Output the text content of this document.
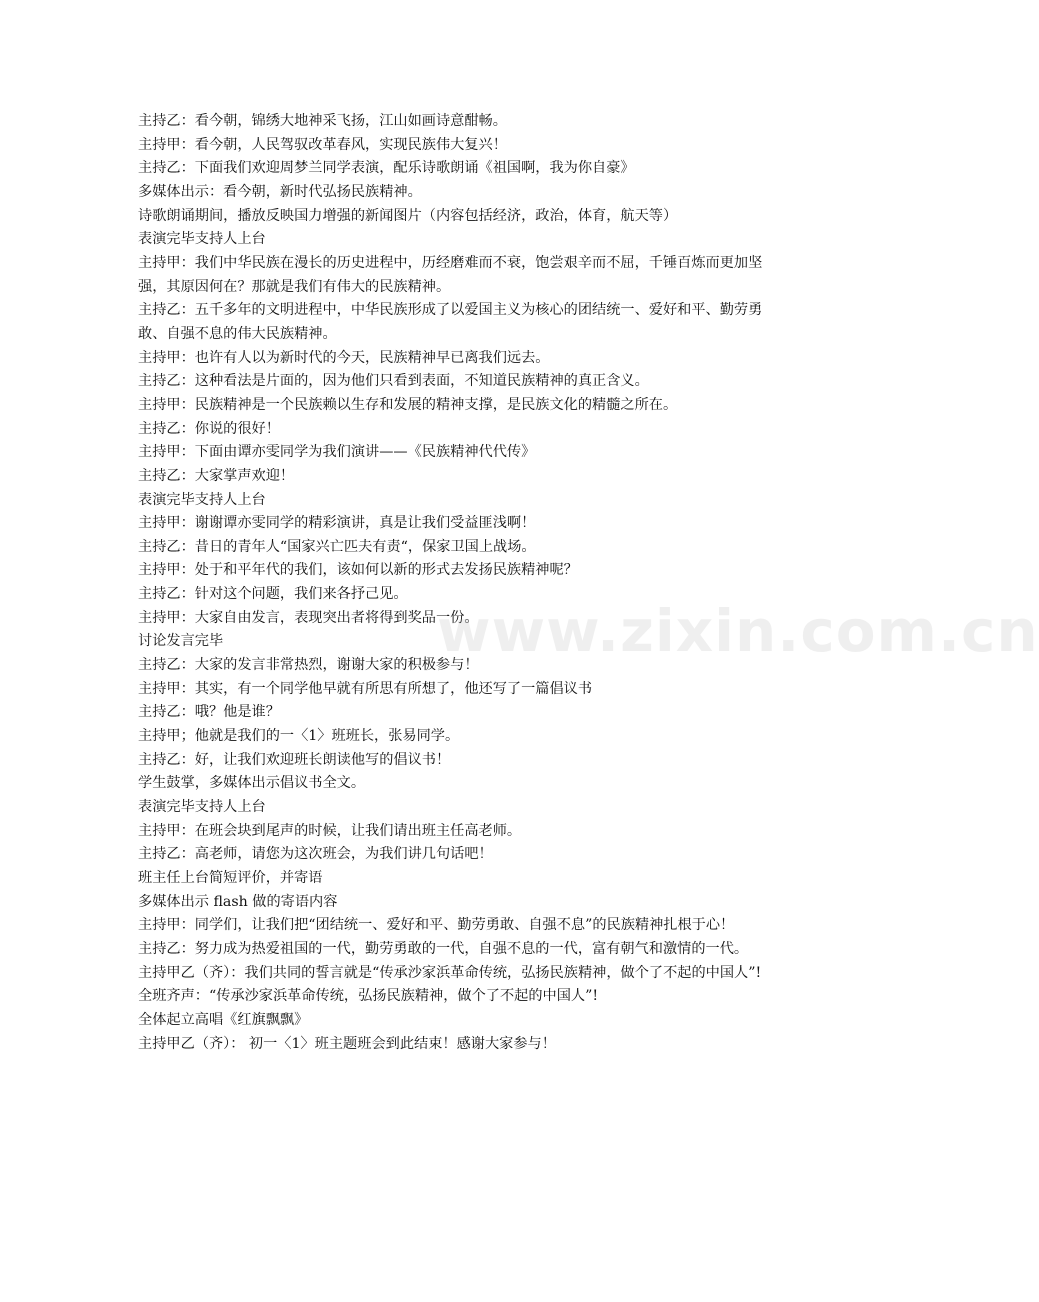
主持乙：看今朝，锦绣大地神采飞扬，江山如画诗意酣畅。

主持甲：看今朝，人民驾驭改革春风，实现民族伟大复兴！

主持乙：下面我们欢迎周梦兰同学表演，配乐诗歌朗诵《祖国啊，我为你自豪》

多媒体出示：看今朝，新时代弘扬民族精神。

诗歌朗诵期间，播放反映国力增强的新闻图片（内容包括经济，政治，体育，航天等）

表演完毕支持人上台

主持甲：我们中华民族在漫长的历史进程中，历经磨难而不衰，饱尝艰辛而不屈，千锤百炼而更加坚强，其原因何在？那就是我们有伟大的民族精神。

主持乙：五千多年的文明进程中，中华民族形成了以爱国主义为核心的团结统一、爱好和平、勤劳勇敢、自强不息的伟大民族精神。

主持甲：也许有人以为新时代的今天，民族精神早已离我们远去。

主持乙：这种看法是片面的，因为他们只看到表面，不知道民族精神的真正含义。

主持甲：民族精神是一个民族赖以生存和发展的精神支撑，是民族文化的精髓之所在。

主持乙：你说的很好！

主持甲：下面由谭亦雯同学为我们演讲——《民族精神代代传》

主持乙：大家掌声欢迎！

表演完毕支持人上台

主持甲：谢谢谭亦雯同学的精彩演讲，真是让我们受益匪浅啊！

主持乙：昔日的青年人“国家兴亡匹夫有责“，保家卫国上战场。

主持甲：处于和平年代的我们，该如何以新的形式去发扬民族精神呢？

主持乙：针对这个问题，我们来各抒己见。

主持甲：大家自由发言，表现突出者将得到奖品一份。

讨论发言完毕

主持乙：大家的发言非常热烈，谢谢大家的积极参与！

主持甲：其实，有一个同学他早就有所思有所想了，他还写了一篇倡议书

主持乙：哦？他是谁？

主持甲；他就是我们的一〈1〉班班长，张易同学。

主持乙：好，让我们欢迎班长朗读他写的倡议书！

学生鼓掌，多媒体出示倡议书全文。

表演完毕支持人上台

主持甲：在班会块到尾声的时候，让我们请出班主任高老师。

主持乙：高老师，请您为这次班会，为我们讲几句话吧！

班主任上台简短评价，并寄语

多媒体出示 flash 做的寄语内容

主持甲：同学们，让我们把“团结统一、爱好和平、勤劳勇敢、自强不息”的民族精神扎根于心！

主持乙：努力成为热爱祖国的一代，勤劳勇敢的一代，自强不息的一代，富有朝气和激情的一代。

主持甲乙（齐）：我们共同的誓言就是“传承沙家浜革命传统，弘扬民族精神，做个了不起的中国人”!

全班齐声：“传承沙家浜革命传统，弘扬民族精神，做个了不起的中国人”!

全体起立高唱《红旗飘飘》

主持甲乙（齐）： 初一〈1〉班主题班会到此结束！感谢大家参与！

www.zixin.com.cn
